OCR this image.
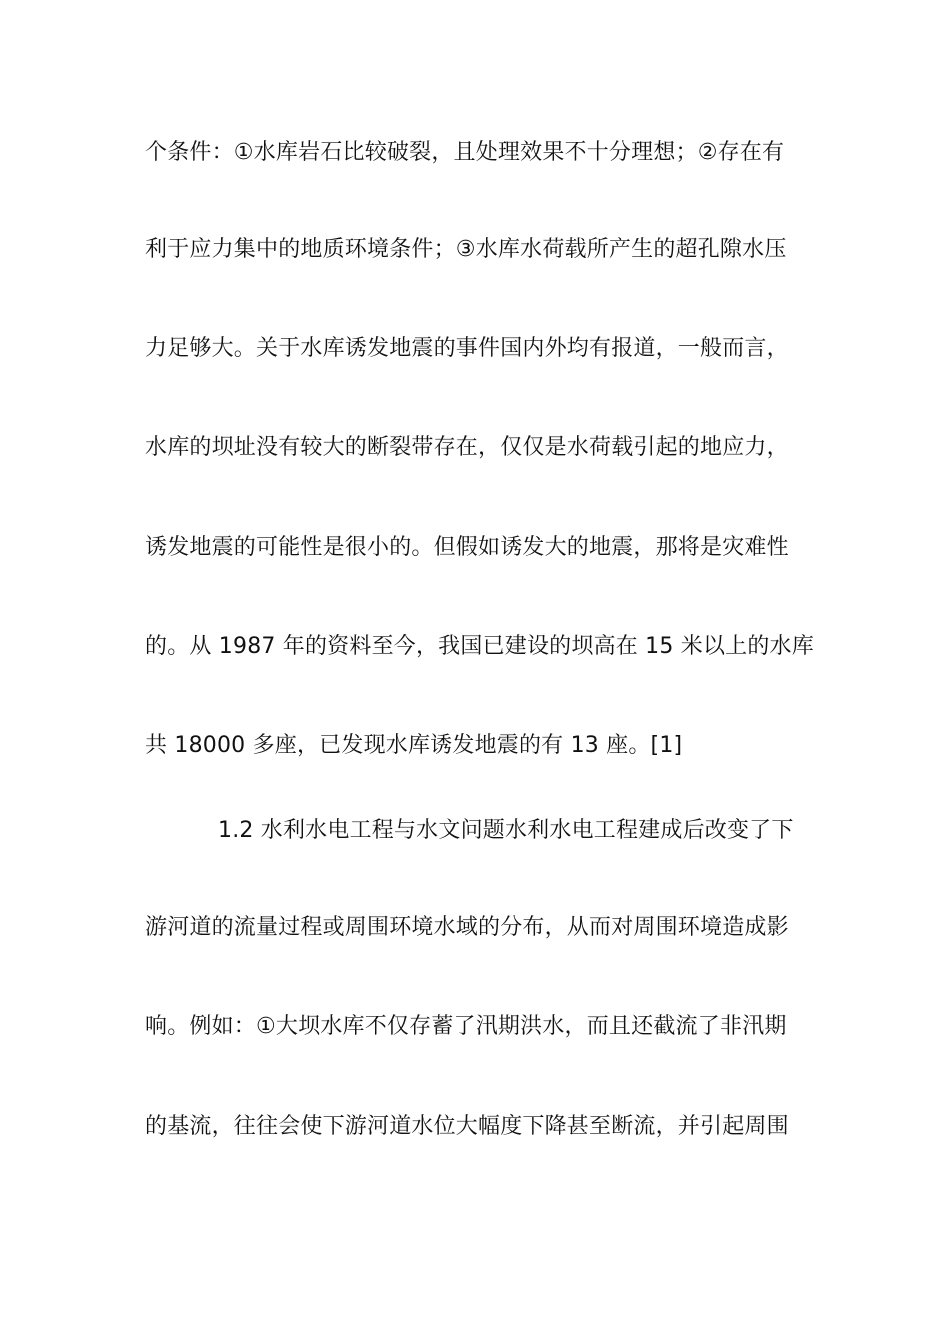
个条件：①水库岩石比较破裂，且处理效果不十分理想；②存在有
利于应力集中的地质环境条件；③水库水荷载所产生的超孔隙水压
力足够大。关于水库诱发地震的事件国内外均有报道，一般而言，
水库的坝址没有较大的断裂带存在，仅仅是水荷载引起的地应力，
诱发地震的可能性是很小的。但假如诱发大的地震，那将是灾难性
的。从 1987 年的资料至今，我国已建设的坝高在 15 米以上的水库
共 18000 多座，已发现水库诱发地震的有 13 座。[1]
1.2 水利水电工程与水文问题水利水电工程建成后改变了下
游河道的流量过程或周围环境水域的分布，从而对周围环境造成影
响。例如：①大坝水库不仅存蓄了汛期洪水，而且还截流了非汛期
的基流，往往会使下游河道水位大幅度下降甚至断流，并引起周围
